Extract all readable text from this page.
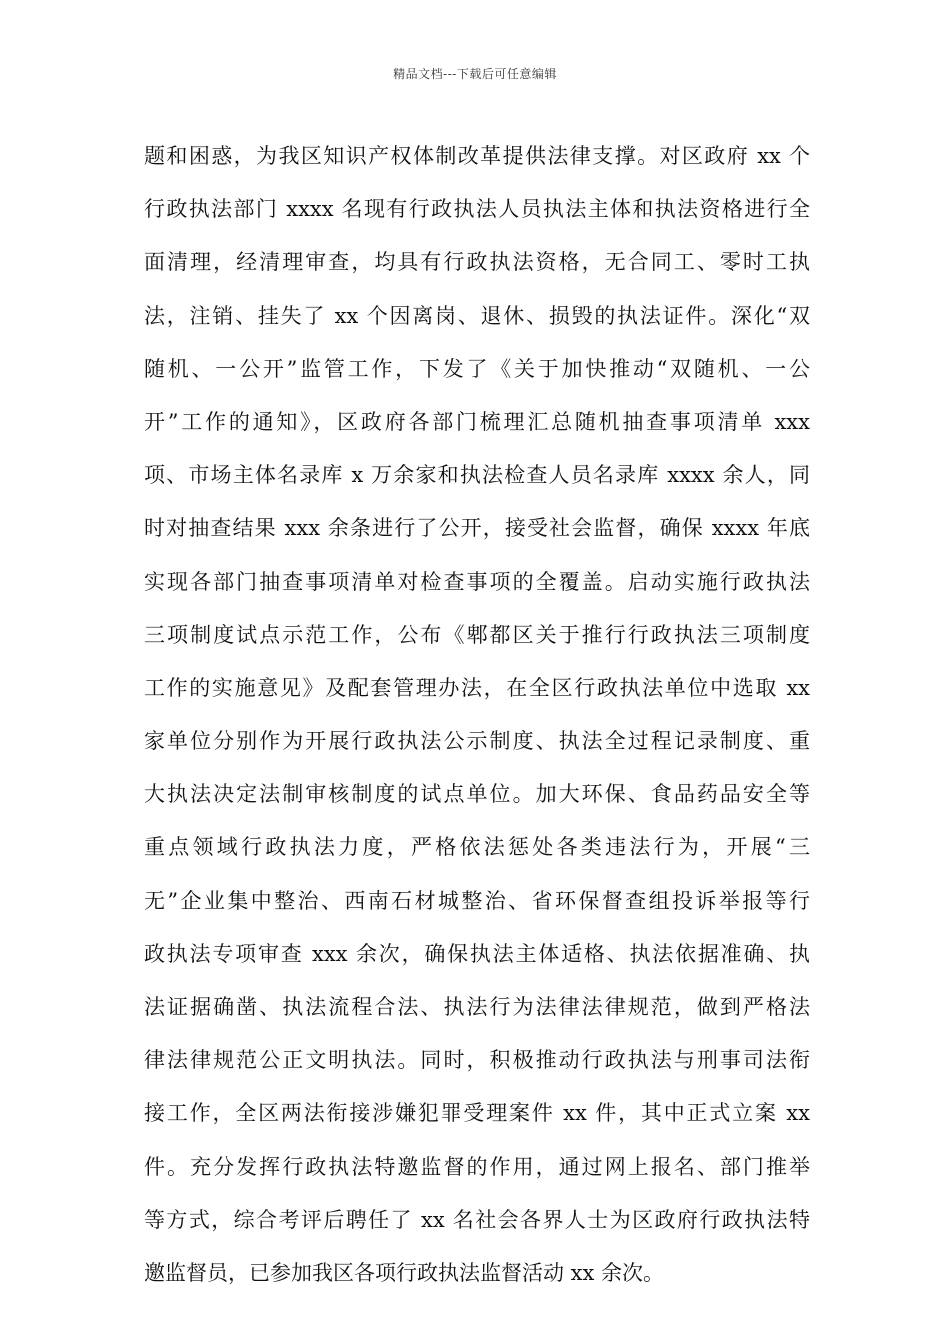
精品文档---下载后可任意编辑
题和困惑，为我区知识产权体制改革提供法律支撑。对区政府 xx 个
行政执法部门 xxxx 名现有行政执法人员执法主体和执法资格进行全
面清理，经清理审查，均具有行政执法资格，无合同工、零时工执
法，注销、挂失了 xx 个因离岗、退休、损毁的执法证件。深化“双
随机、一公开”监管工作，下发了《关于加快推动“双随机、一公
开”工作的通知》，区政府各部门梳理汇总随机抽查事项清单 xxx
项、市场主体名录库 x 万余家和执法检查人员名录库 xxxx 余人，同
时对抽查结果 xxx 余条进行了公开，接受社会监督，确保 xxxx 年底
实现各部门抽查事项清单对检查事项的全覆盖。启动实施行政执法
三项制度试点示范工作，公布《郫都区关于推行行政执法三项制度
工作的实施意见》及配套管理办法，在全区行政执法单位中选取 xx
家单位分别作为开展行政执法公示制度、执法全过程记录制度、重
大执法决定法制审核制度的试点单位。加大环保、食品药品安全等
重点领域行政执法力度，严格依法惩处各类违法行为，开展“三
无”企业集中整治、西南石材城整治、省环保督查组投诉举报等行
政执法专项审查 xxx 余次，确保执法主体适格、执法依据准确、执
法证据确凿、执法流程合法、执法行为法律法律规范，做到严格法
律法律规范公正文明执法。同时，积极推动行政执法与刑事司法衔
接工作，全区两法衔接涉嫌犯罪受理案件 xx 件，其中正式立案 xx
件。充分发挥行政执法特邀监督的作用，通过网上报名、部门推举
等方式，综合考评后聘任了 xx 名社会各界人士为区政府行政执法特
邀监督员，已参加我区各项行政执法监督活动 xx 余次。
